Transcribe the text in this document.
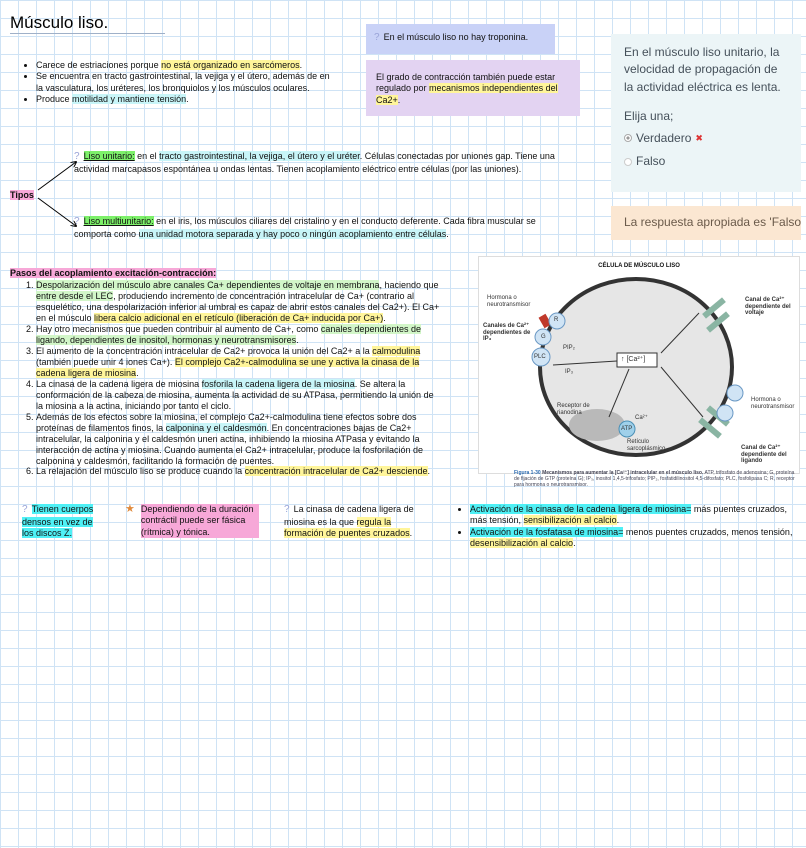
Músculo liso.
• Carece de estriaciones porque no está organizado en sarcómeros.
• Se encuentra en tracto gastrointestinal, la vejiga y el útero, además de en la vasculatura, los uréteres, los bronquiolos y los músculos oculares.
• Produce motilidad y mantiene tensión.
? En el músculo liso no hay troponina.
El grado de contracción también puede estar regulado por mecanismos independientes del Ca2+.
En el músculo liso unitario, la velocidad de propagación de la actividad eléctrica es lenta.
Elija una;
Verdadero ✖
Falso
La respuesta apropiada es 'Falso
Tipos
? Liso unitario: en el tracto gastrointestinal, la vejiga, el útero y el uréter. Células conectadas por uniones gap. Tiene una actividad marcapasos espontánea u ondas lentas. Tienen acoplamiento eléctrico entre células (por las uniones).
? Liso multiunitario: en el iris, los músculos ciliares del cristalino y en el conducto deferente. Cada fibra muscular se comporta como una unidad motora separada y hay poco o ningún acoplamiento entre células.
Pasos del acoplamiento excitación-contracción:
1. Despolarización del músculo abre canales Ca+ dependientes de voltaje en membrana, haciendo que entre desde el LEC, produciendo incremento de concentración intracelular de Ca+ (contrario al esquelético, una despolarización inferior al umbral es capaz de abrir estos canales del Ca2+). El Ca+ en el músculo libera calcio adicional en el retículo (liberación de Ca+ inducida por Ca+).
2. Hay otro mecanismos que pueden contribuir al aumento de Ca+, como canales dependientes de ligando, dependientes de inositol, hormonas y neurotransmisores.
3. El aumento de la concentración intracelular de Ca2+ provoca la unión del Ca2+ a la calmodulina (también puede unir 4 iones Ca+). El complejo Ca2+-calmodulina se une y activa la cinasa de la cadena ligera de miosina.
4. La cinasa de la cadena ligera de miosina fosforila la cadena ligera de la miosina. Se altera la conformación de la cabeza de miosina, aumenta la actividad de su ATPasa, permitiendo la unión de la miosina a la actina, iniciando por tanto el ciclo.
5. Además de los efectos sobre la miosina, el complejo Ca2+-calmodulina tiene efectos sobre dos proteínas de filamentos finos, la calponina y el caldesmón. En concentraciones bajas de Ca2+ intracelular, la calponina y el caldesmón unen actina, inhibiendo la miosina ATPasa y evitando la interacción de actina y miosina. Cuando aumenta el Ca2+ intracelular, produce la fosforilación de calponina y caldesmón, facilitando la formación de puentes.
6. La relajación del músculo liso se produce cuando la concentración intracelular de Ca2+ desciende.
CÉLULA DE MÚSCULO LISO
Hormona o neurotransmisor
Canales de Ca²⁺ dependientes de IP₃
Canal de Ca²⁺ dependiente del voltaje
Hormona o neurotransmisor
Canal de Ca²⁺ dependiente del ligando
R
G
PLC
PIP₂
IP₃
↑ [Ca²⁺]
ATP
Ca²⁺
Receptor de rianodina
Retículo sarcoplásmico
Figura 1-30 Mecanismos para aumentar la [Ca²⁺] intracelular en el músculo liso. ATP, trifosfato de adenosina; G, proteína de fijación de GTP (proteína G); IP₃, inositol 1,4,5-trifosfato; PIP₂, fosfatidilinositol 4,5-difosfato; PLC, fosfolipasa C; R, receptor para hormona o neurotransmisor.
? Tienen cuerpos densos en vez de los discos Z.
★ Dependiendo de la duración contráctil puede ser fásica (rítmica) y tónica.
? La cinasa de cadena ligera de miosina es la que regula la formación de puentes cruzados.
• Activación de la cinasa de la cadena ligera de miosina= más puentes cruzados, más tensión, sensibilización al calcio.
• Activación de la fosfatasa de miosina= menos puentes cruzados, menos tensión, desensibilización al calcio.
